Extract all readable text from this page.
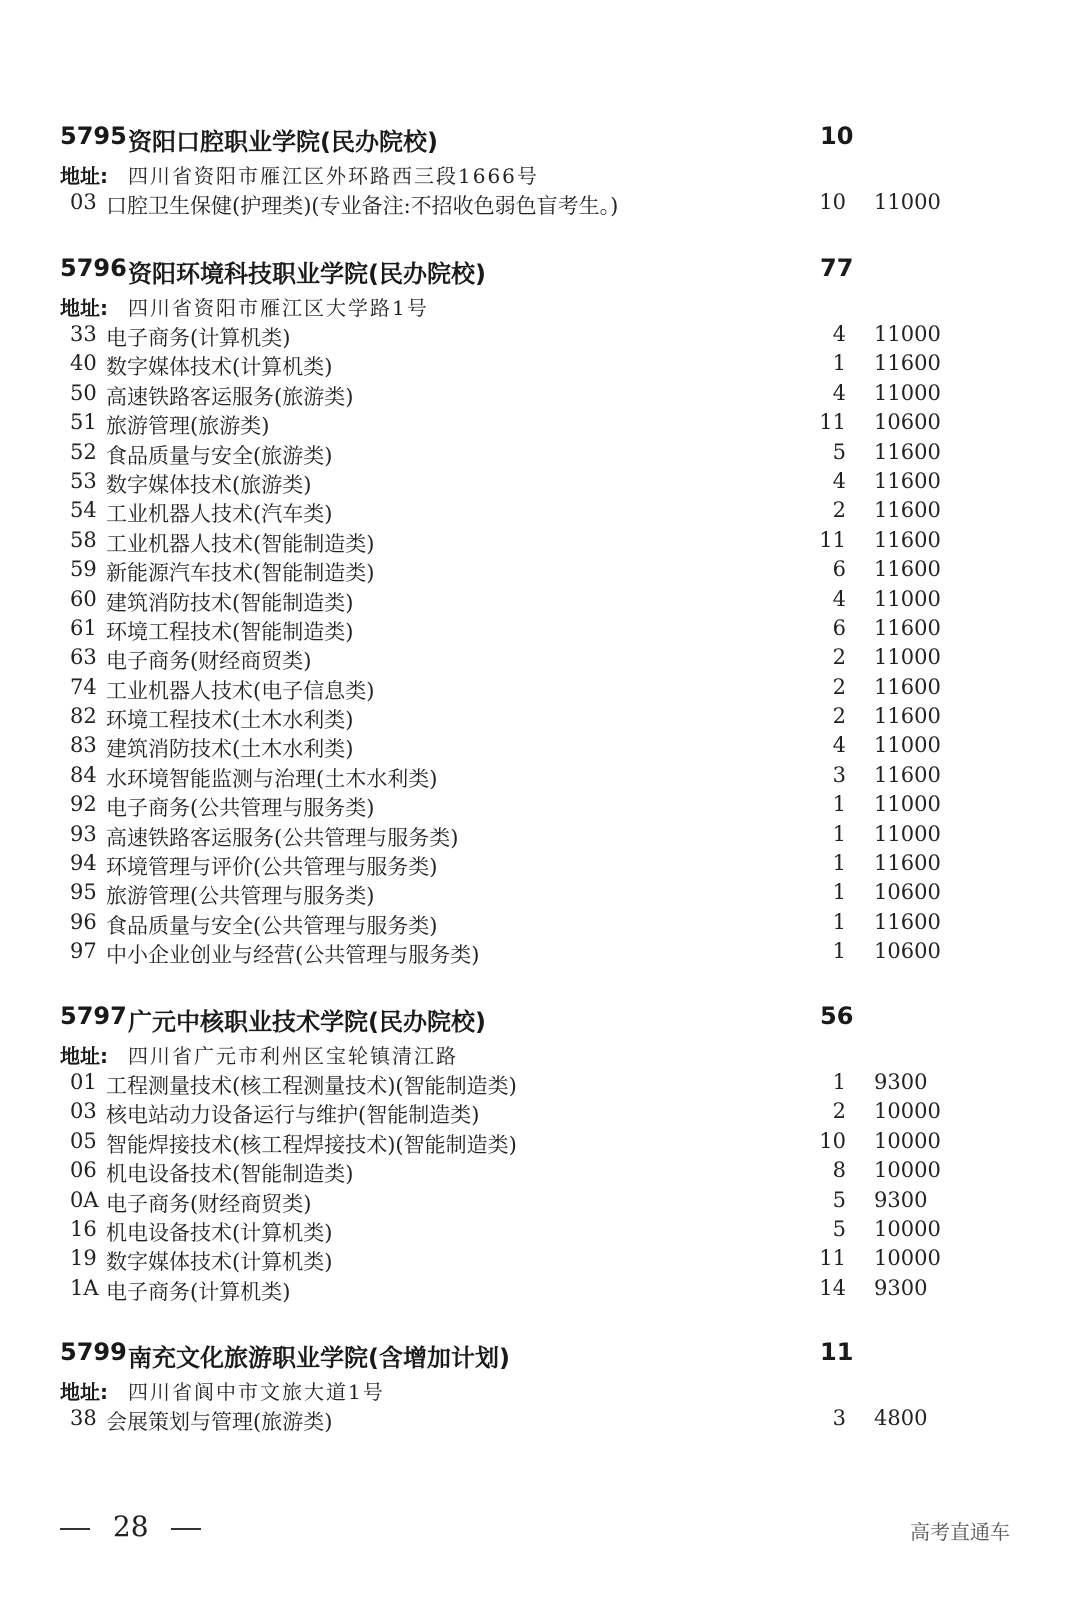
5795 资阳口腔职业学院(民办院校)	10
地址: 四川省资阳市雁江区外环路西三段1666号
03 口腔卫生保健(护理类)(专业备注:不招收色弱色盲考生。)	10 11000
5796 资阳环境科技职业学院(民办院校)	77
地址: 四川省资阳市雁江区大学路1号
33 电子商务(计算机类)	4 11000
40 数字媒体技术(计算机类)	1 11600
50 高速铁路客运服务(旅游类)	4 11000
51 旅游管理(旅游类)	11 10600
52 食品质量与安全(旅游类)	5 11600
53 数字媒体技术(旅游类)	4 11600
54 工业机器人技术(汽车类)	2 11600
58 工业机器人技术(智能制造类)	11 11600
59 新能源汽车技术(智能制造类)	6 11600
60 建筑消防技术(智能制造类)	4 11000
61 环境工程技术(智能制造类)	6 11600
63 电子商务(财经商贸类)	2 11000
74 工业机器人技术(电子信息类)	2 11600
82 环境工程技术(土木水利类)	2 11600
83 建筑消防技术(土木水利类)	4 11000
84 水环境智能监测与治理(土木水利类)	3 11600
92 电子商务(公共管理与服务类)	1 11000
93 高速铁路客运服务(公共管理与服务类)	1 11000
94 环境管理与评价(公共管理与服务类)	1 11600
95 旅游管理(公共管理与服务类)	1 10600
96 食品质量与安全(公共管理与服务类)	1 11600
97 中小企业创业与经营(公共管理与服务类)	1 10600
5797 广元中核职业技术学院(民办院校)	56
地址: 四川省广元市利州区宝轮镇清江路
01 工程测量技术(核工程测量技术)(智能制造类)	1 9300
03 核电站动力设备运行与维护(智能制造类)	2 10000
05 智能焊接技术(核工程焊接技术)(智能制造类)	10 10000
06 机电设备技术(智能制造类)	8 10000
0A 电子商务(财经商贸类)	5 9300
16 机电设备技术(计算机类)	5 10000
19 数字媒体技术(计算机类)	11 10000
1A 电子商务(计算机类)	14 9300
5799 南充文化旅游职业学院(含增加计划)	11
地址: 四川省阆中市文旅大道1号
38 会展策划与管理(旅游类)	3 4800
28	高考直通车
